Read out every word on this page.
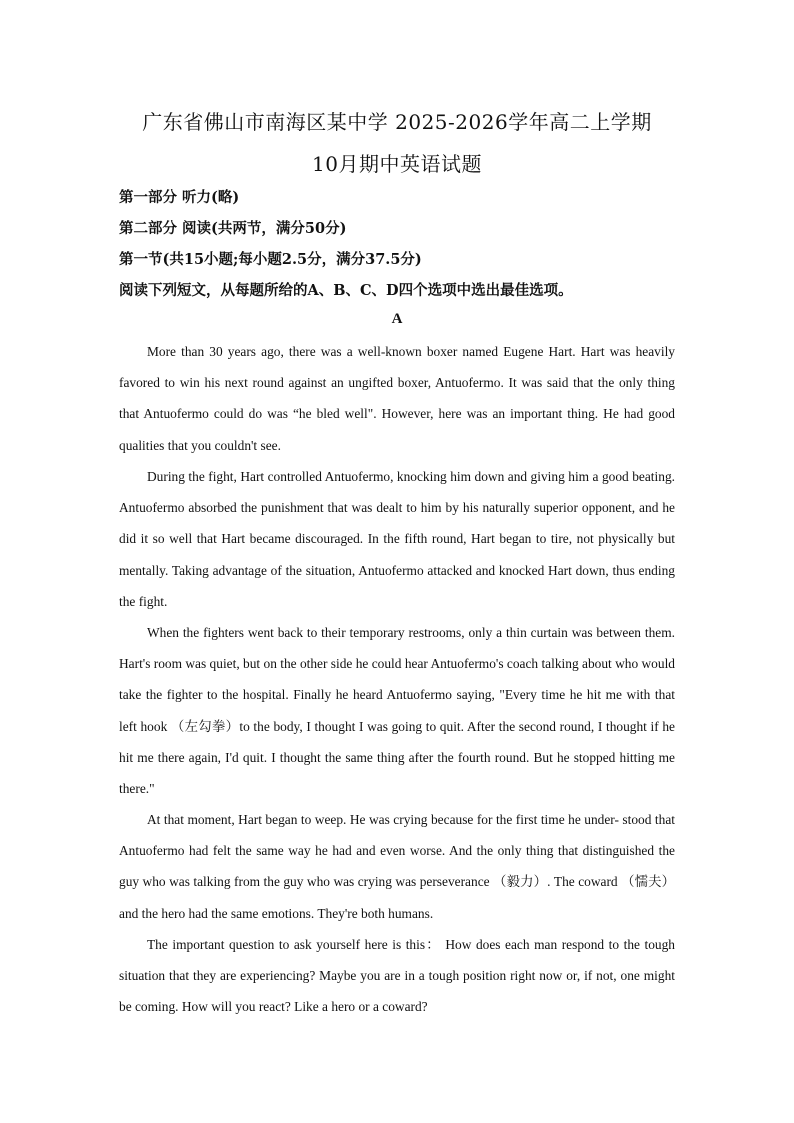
广东省佛山市南海区某中学 2025-2026学年高二上学期
10月期中英语试题
第一部分 听力(略)
第二部分 阅读(共两节，满分50分)
第一节(共15小题;每小题2.5分，满分37.5分)
阅读下列短文，从每题所给的A、B、C、D四个选项中选出最佳选项。
A

More than 30 years ago, there was a well-known boxer named Eugene Hart. Hart was heavily favored to win his next round against an ungifted boxer, Antuofermo. It was said that the only thing that Antuofermo could do was “he bled well". However, here was an important thing. He had good qualities that you couldn't see.

During the fight, Hart controlled Antuofermo, knocking him down and giving him a good beating. Antuofermo absorbed the punishment that was dealt to him by his naturally superior opponent, and he did it so well that Hart became discouraged. In the fifth round, Hart began to tire, not physically but mentally. Taking advantage of the situation, Antuofermo attacked and knocked Hart down, thus ending the fight.

When the fighters went back to their temporary restrooms, only a thin curtain was between them. Hart's room was quiet, but on the other side he could hear Antuofermo's coach talking about who would take the fighter to the hospital. Finally he heard Antuofermo saying, "Every time he hit me with that left hook （左勾拳）to the body, I thought I was going to quit. After the second round, I thought if he hit me there again, I'd quit. I thought the same thing after the fourth round. But he stopped hitting me there."

At that moment, Hart began to weep. He was crying because for the first time he under- stood that Antuofermo had felt the same way he had and even worse. And the only thing that distinguished the guy who was talking from the guy who was crying was perseverance （毅力）. The coward （懦夫）and the hero had the same emotions. They're both humans.

The important question to ask yourself here is this： How does each man respond to the tough situation that they are experiencing? Maybe you are in a tough position right now or, if not, one might be coming. How will you react? Like a hero or a coward?
